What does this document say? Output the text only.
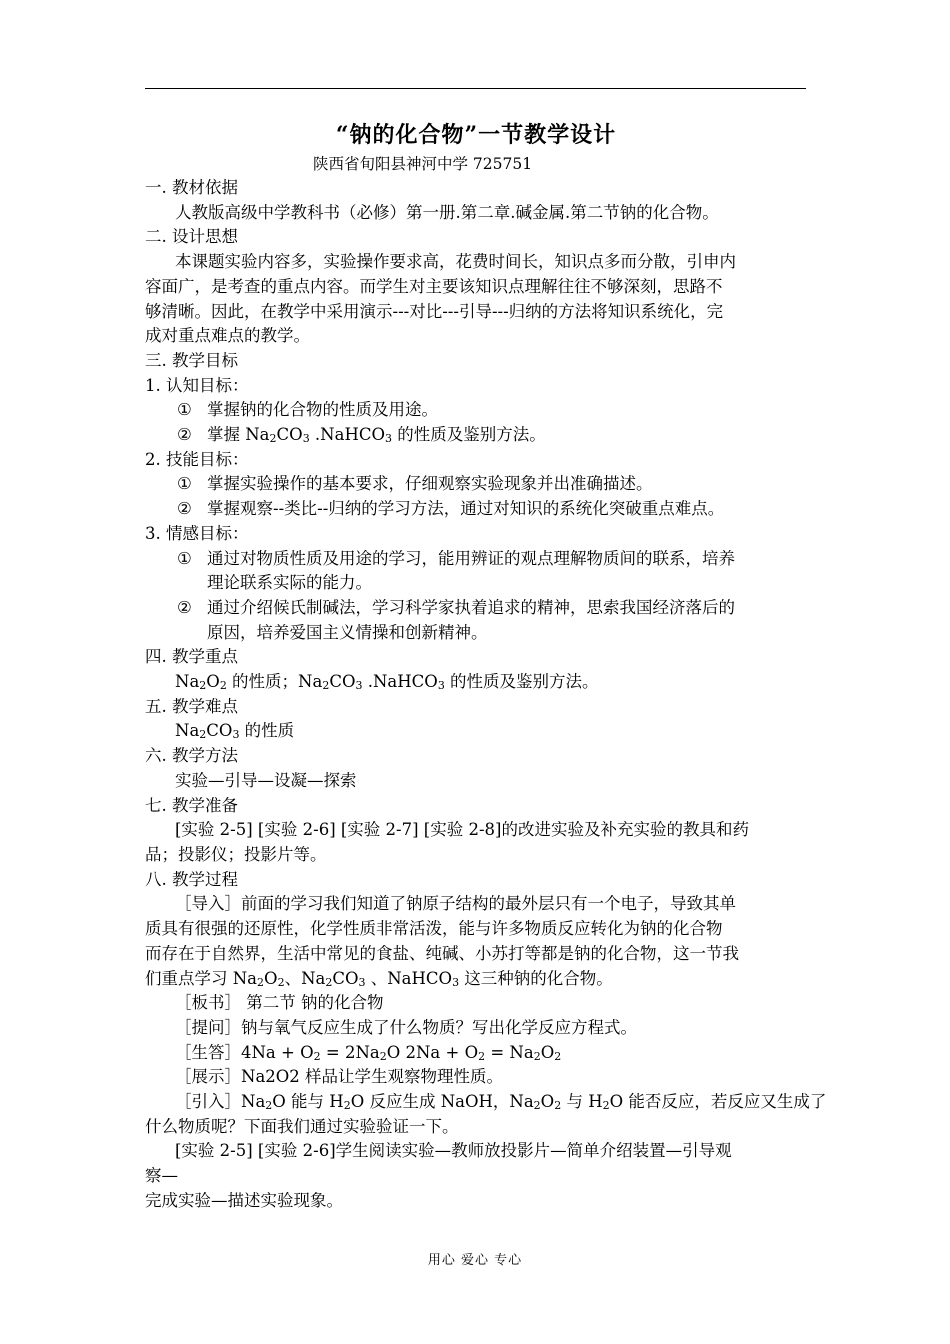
“钠的化合物”一节教学设计

陕西省旬阳县神河中学 725751

一. 教材依据

人教版高级中学教科书（必修）第一册.第二章.碱金属.第二节钠的化合物。

二. 设计思想

本课题实验内容多，实验操作要求高，花费时间长，知识点多而分散，引申内

容面广，是考查的重点内容。而学生对主要该知识点理解往往不够深刻，思路不

够清晰。因此，在教学中采用演示---对比---引导---归纳的方法将知识系统化，完

成对重点难点的教学。

三. 教学目标

1. 认知目标：

① 掌握钠的化合物的性质及用途。

② 掌握 $Na_2CO_3$ .NaHCO$_3$ 的性质及鉴别方法。

2. 技能目标：

① 掌握实验操作的基本要求，仔细观察实验现象并出准确描述。

② 掌握观察--类比--归纳的学习方法，通过对知识的系统化突破重点难点。

3. 情感目标：

① 通过对物质性质及用途的学习，能用辨证的观点理解物质间的联系，培养
理论联系实际的能力。

② 通过介绍候氏制碱法，学习科学家执着追求的精神，思索我国经济落后的
原因，培养爱国主义情操和创新精神。

四. 教学重点

$Na_2O_2$ 的性质；$Na_2CO_3$ .NaHCO$_3$ 的性质及鉴别方法。

五. 教学难点

$Na_2CO_3$ 的性质

六. 教学方法

实验—引导—设凝—探索

七. 教学准备

[实验 2-5] [实验 2-6] [实验 2-7] [实验 2-8]的改进实验及补充实验的教具和药

品；投影仪；投影片等。

八. 教学过程

［导入］前面的学习我们知道了钠原子结构的最外层只有一个电子，导致其单

质具有很强的还原性，化学性质非常活泼，能与许多物质反应转化为钠的化合物

而存在于自然界，生活中常见的食盐、纯碱、小苏打等都是钠的化合物，这一节我

们重点学习 $Na_2O_2$、$Na_2CO_3$ 、NaHCO$_3$ 这三种钠的化合物。

［板书］ 第二节 钠的化合物

［提问］钠与氧气反应生成了什么物质？写出化学反应方程式。

［生答］4Na + $O_2 = 2Na_2O$ $2Na + O_2 = Na_2O_2$

［展示］Na2O2 样品让学生观察物理性质。

［引入$]Na_2O$ 能与 $H_2O$ 反应生成 NaOH，$Na_2O_2$ 与 $H_2O$ 能否反应，若反应又生成了

什么物质呢？下面我们通过实验验证一下。

[实验 2-5] [实验 2-6]学生阅读实验—教师放投影片—简单介绍装置—引导观

察—

完成实验—描述实验现象。

用心 爱心 专心
